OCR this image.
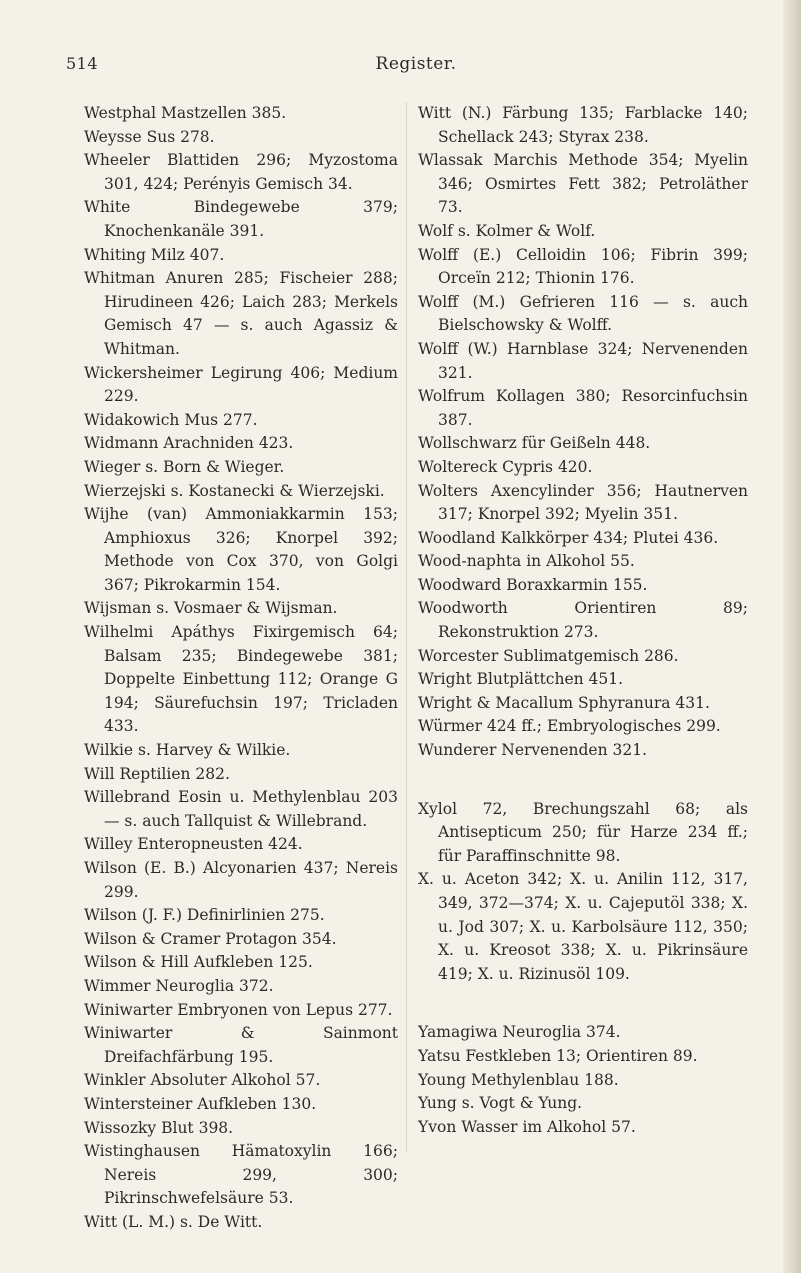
514	Register.
Westphal Mastzellen 385.
Weysse Sus 278.
Wheeler Blattiden 296; Myzostoma 301, 424; Perényis Gemisch 34.
White Bindegewebe 379; Knochenkanäle 391.
Whiting Milz 407.
Whitman Anuren 285; Fischeier 288; Hirudineen 426; Laich 283; Merkels Gemisch 47 — s. auch Agassiz & Whitman.
Wickersheimer Legirung 406; Medium 229.
Widakowich Mus 277.
Widmann Arachniden 423.
Wieger s. Born & Wieger.
Wierzejski s. Kostanecki & Wierzejski.
Wijhe (van) Ammoniakkarmin 153; Amphioxus 326; Knorpel 392; Methode von Cox 370, von Golgi 367; Pikrokarmin 154.
Wijsman s. Vosmaer & Wijsman.
Wilhelmi Apáthys Fixirgemisch 64; Balsam 235; Bindegewebe 381; Doppelte Einbettung 112; Orange G 194; Säurefuchsin 197; Tricladen 433.
Wilkie s. Harvey & Wilkie.
Will Reptilien 282.
Willebrand Eosin u. Methylenblau 203 — s. auch Tallquist & Willebrand.
Willey Enteropneusten 424.
Wilson (E. B.) Alcyonarien 437; Nereis 299.
Wilson (J. F.) Definirlinien 275.
Wilson & Cramer Protagon 354.
Wilson & Hill Aufkleben 125.
Wimmer Neuroglia 372.
Winiwarter Embryonen von Lepus 277.
Winiwarter & Sainmont Dreifachfärbung 195.
Winkler Absoluter Alkohol 57.
Wintersteiner Aufkleben 130.
Wissozky Blut 398.
Wistinghausen Hämatoxylin 166; Nereis 299, 300; Pikrinschwefelsäure 53.
Witt (L. M.) s. De Witt.
Witt (N.) Färbung 135; Farblacke 140; Schellack 243; Styrax 238.
Wlassak Marchis Methode 354; Myelin 346; Osmirtes Fett 382; Petroläther 73.
Wolf s. Kolmer & Wolf.
Wolff (E.) Celloidin 106; Fibrin 399; Orceïn 212; Thionin 176.
Wolff (M.) Gefrieren 116 — s. auch Bielschowsky & Wolff.
Wolff (W.) Harnblase 324; Nervenenden 321.
Wolfrum Kollagen 380; Resorcinfuchsin 387.
Wollschwarz für Geißeln 448.
Woltereck Cypris 420.
Wolters Axencylinder 356; Hautnerven 317; Knorpel 392; Myelin 351.
Woodland Kalkkörper 434; Plutei 436.
Wood-naphta in Alkohol 55.
Woodward Boraxkarmin 155.
Woodworth Orientiren 89; Rekonstruktion 273.
Worcester Sublimatgemisch 286.
Wright Blutplättchen 451.
Wright & Macallum Sphyranura 431.
Würmer 424 ff.; Embryologisches 299.
Wunderer Nervenenden 321.
Xylol 72, Brechungszahl 68; als Antisepticum 250; für Harze 234 ff.; für Paraffinschnitte 98.
X. u. Aceton 342; X. u. Anilin 112, 317, 349, 372—374; X. u. Cajeputöl 338; X. u. Jod 307; X. u. Karbolsäure 112, 350; X. u. Kreosot 338; X. u. Pikrinsäure 419; X. u. Rizinusöl 109.
Yamagiwa Neuroglia 374.
Yatsu Festkleben 13; Orientiren 89.
Young Methylenblau 188.
Yung s. Vogt & Yung.
Yvon Wasser im Alkohol 57.
